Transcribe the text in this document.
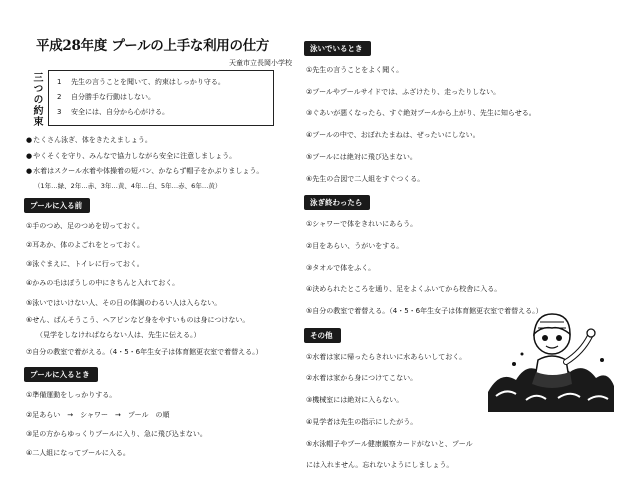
平成28年度 プールの上手な利用の仕方
天童市立長岡小学校
三つの約束 1	先生の言うことを聞いて、約束はしっかり守る。
2	自分勝手な行動はしない。
3	安全には、自分から心がける。
● たくさん泳ぎ、体をきたえましょう。
● やくそくを守り、みんなで協力しながら安全に注意しましょう。
● 水着はスクール水着や体操着の短パン、かならず帽子をかぶりましょう。
（1年…緑、2年…赤、3年…黄、4年…白、5年…赤、6年…黄）
プールに入る前
①手のつめ、足のつめを切っておく。
②耳あか、体のよごれをとっておく。
③泳ぐまえに、トイレに行っておく。
④かみの毛はぼうしの中にきちんと入れておく。
⑤泳いではいけない人、その日の体調のわるい人は入らない。
⑥せん、ぱんそうこう、ヘアピンなど身をやすいものは身につけない。
（見学をしなければならない人は、先生に伝える。）
⑦自分の教室で着がえる。（4・5・6年生女子は体育館更衣室で着替える。）
プールに入るとき
①準備運動をしっかりする。
②足あらい　→　シャワー　→　プール　の順
③足の方からゆっくりプールに入り、急に飛び込まない。
④二人組になってプールに入る。
泳いでいるとき
①先生の言うことをよく聞く。
②プールやプールサイドでは、ふざけたり、走ったりしない。
③ぐあいが悪くなったら、すぐ絶対プールから上がり、先生に知らせる。
④プールの中で、おぼれたまねは、ぜったいにしない。
⑤プールには絶対に飛び込まない。
⑥先生の合図で二人組をすぐつくる。
泳ぎ終わったら
①シャワーで体をきれいにあらう。
②目をあらい、うがいをする。
③タオルで体をふく。
④決められたところを通り、足をよくふいてから校舎に入る。
⑤自分の教室で着替える。（4・5・6年生女子は体育館更衣室で着替える。）
その他
①水着は家に帰ったらきれいに水あらいしておく。
②水着は家から身につけてこない。
③機械室には絶対に入らない。
④見学者は先生の指示にしたがう。
⑤水泳帽子やプール健康観察カードがないと、プール
には入れません。忘れないようにしましょう。
